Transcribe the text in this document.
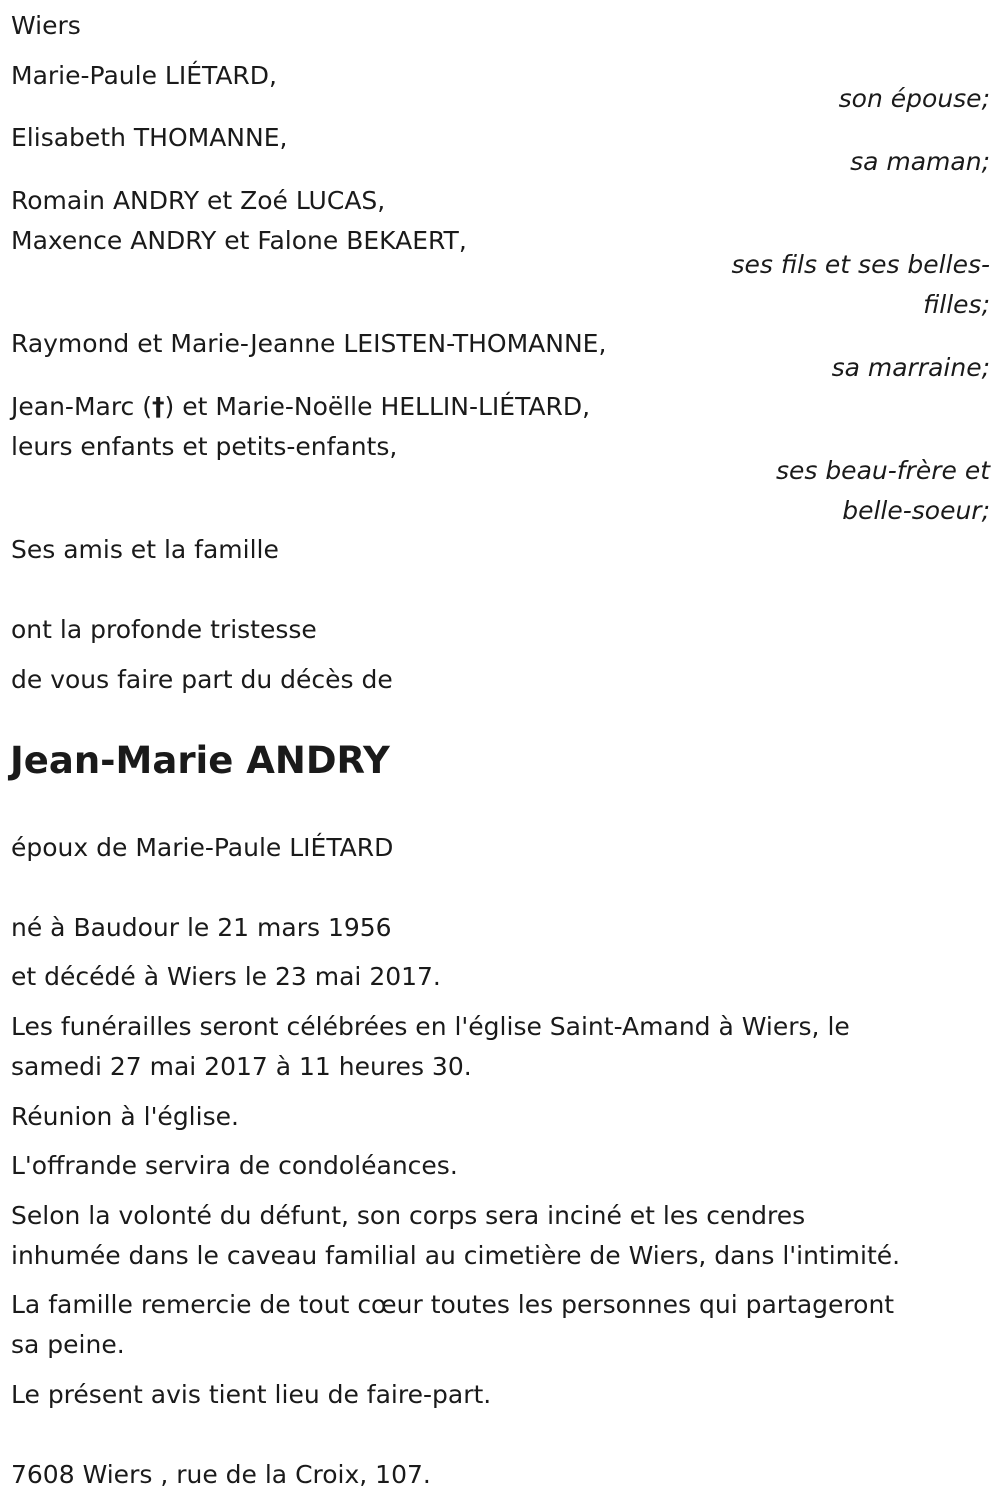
Wiers
Marie-Paule LIÉTARD,
son épouse;
Elisabeth THOMANNE,
sa maman;
Romain ANDRY et Zoé LUCAS,
Maxence ANDRY et Falone BEKAERT,
ses fils et ses belles-
filles;
Raymond et Marie-Jeanne LEISTEN-THOMANNE,
sa marraine;
Jean-Marc (†) et Marie-Noëlle HELLIN-LIÉTARD,
leurs enfants et petits-enfants,
ses beau-frère et
belle-soeur;
Ses amis et la famille
ont la profonde tristesse
de vous faire part du décès de
Jean-Marie ANDRY
époux de Marie-Paule LIÉTARD
né à Baudour le 21 mars 1956
et décédé à Wiers le 23 mai 2017.
Les funérailles seront célébrées en l'église Saint-Amand à Wiers, le
samedi 27 mai 2017 à 11 heures 30.
Réunion à l'église.
L'offrande servira de condoléances.
Selon la volonté du défunt, son corps sera inciné et les cendres
inhumée dans le caveau familial au cimetière de Wiers, dans l'intimité.
La famille remercie de tout cœur toutes les personnes qui partageront
sa peine.
Le présent avis tient lieu de faire-part.
7608 Wiers , rue de la Croix, 107.
